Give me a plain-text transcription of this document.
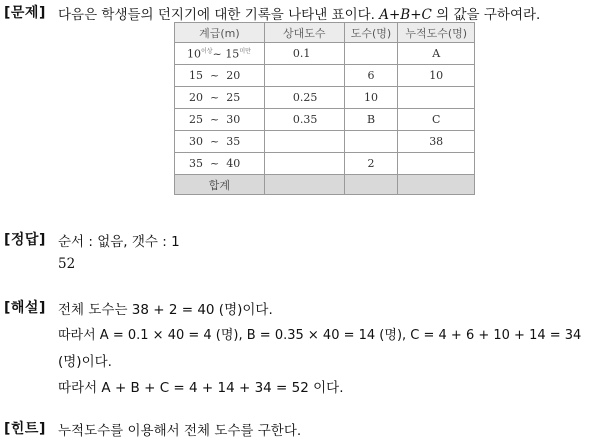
[문제] 다음은 학생들의 던지기에 대한 기록을 나타낸 표이다. A+B+C 의 값을 구하여라.
계급(m)	상대도수	도수(명)	누적도수(명)
$10^{이상}\sim$ $15^{미만}$	0.1		A
15  ~  20		6	10
20  ~  25	0.25	10	
25  ~  30	0.35	B	C
30  ~  35			38
35  ~  40		2	
합계			
[정답] 순서 : 없음, 갯수 : 1
52
[해설] 전체 도수는 38 + 2 = 40 (명)이다.
따라서 A = 0.1 × 40 = 4 (명), B = 0.35 × 40 = 14 (명), C = 4 + 6 + 10 + 14 = 34
(명)이다.
따라서 A + B + C = 4 + 14 + 34 = 52 이다.
[힌트] 누적도수를 이용해서 전체 도수를 구한다.
